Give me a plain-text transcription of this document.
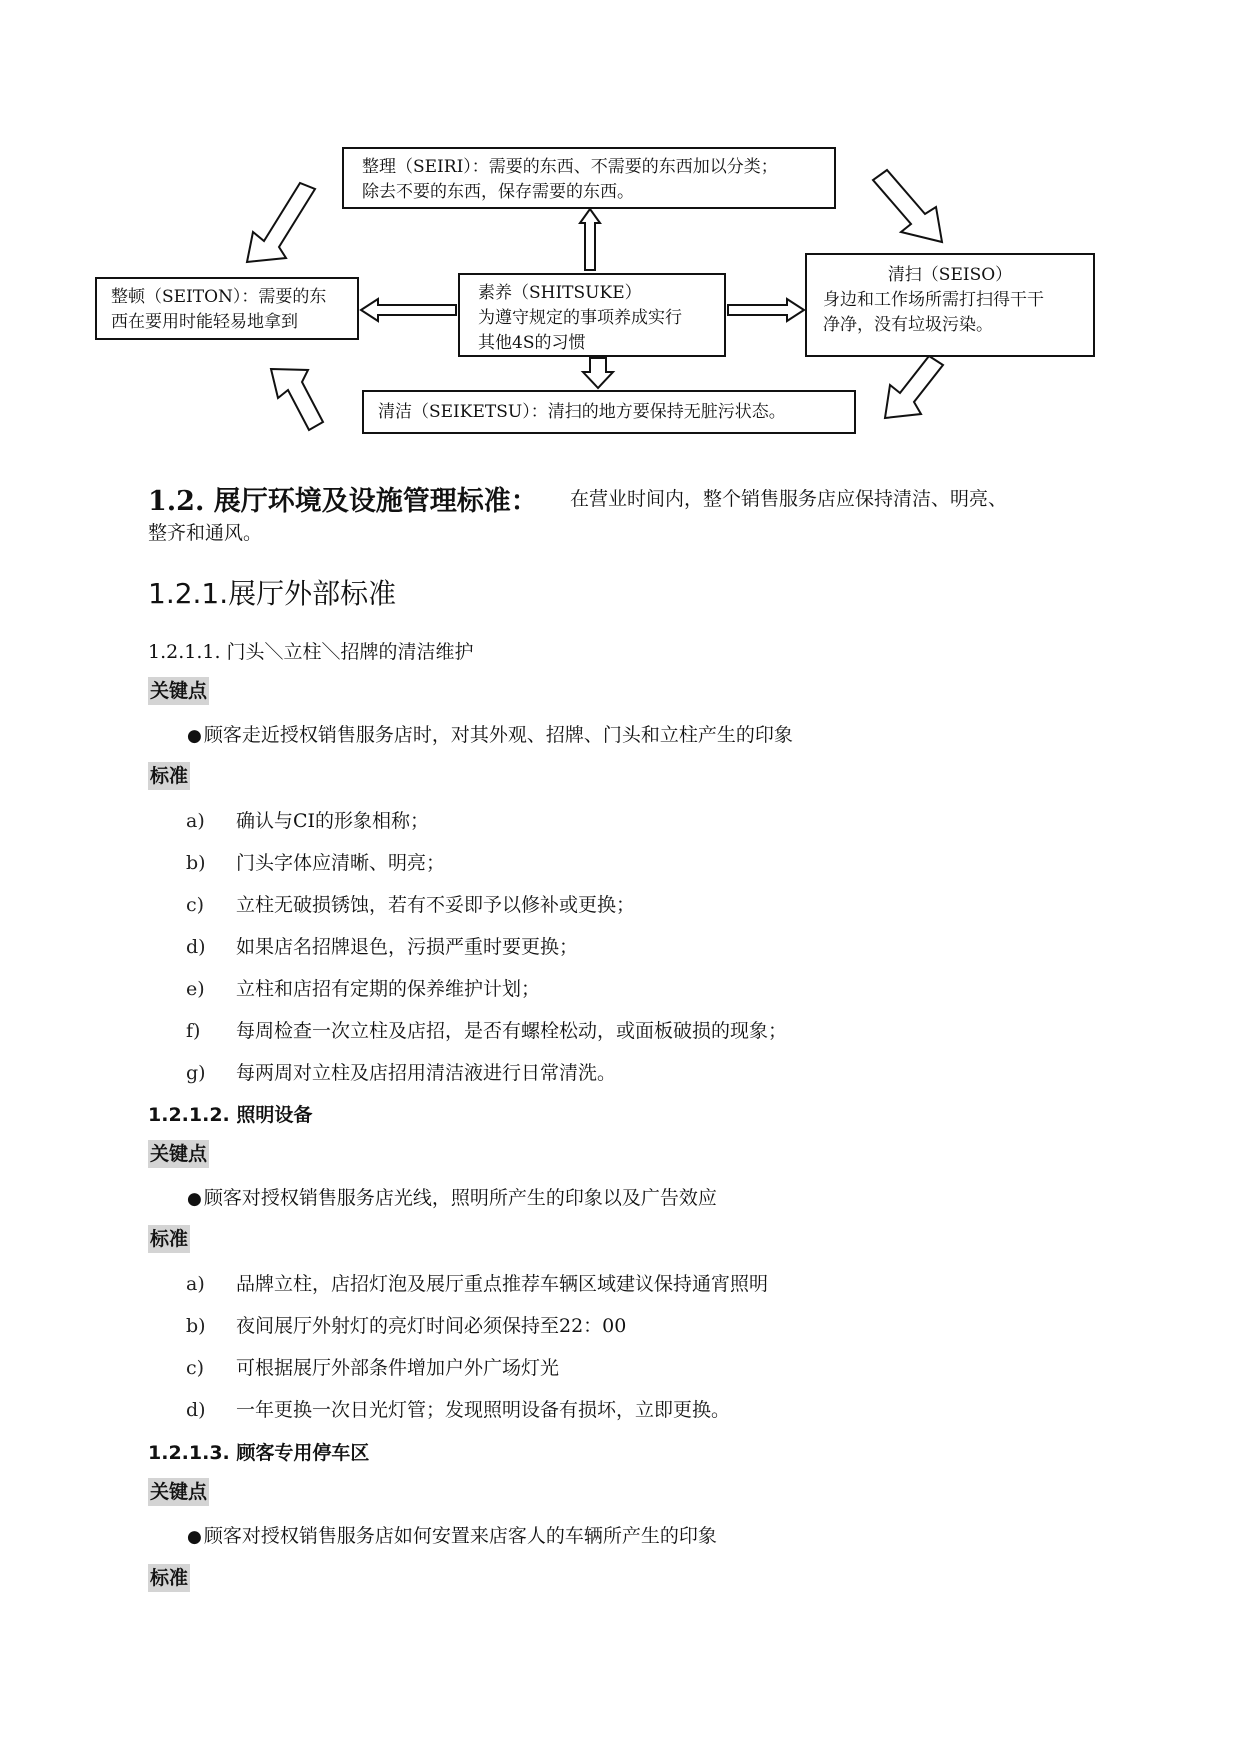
整理（SEIRI）：需要的东西、不需要的东西加以分类；
除去不要的东西，保存需要的东西。
整顿（SEITON）：需要的东
西在要用时能轻易地拿到
素养（SHITSUKE）
为遵守规定的事项养成实行
其他4S的习惯
清扫（SEISO）
身边和工作场所需打扫得干干
净净，没有垃圾污染。
清洁（SEIKETSU）：清扫的地方要保持无脏污状态。
1.2. 展厅环境及设施管理标准： 在营业时间内，整个销售服务店应保持清洁、明亮、
整齐和通风。
1.2.1.展厅外部标准
1.2.1.1. 门头＼立柱＼招牌的清洁维护
关键点
● 顾客走近授权销售服务店时，对其外观、招牌、门头和立柱产生的印象
标准
a) 确认与CI的形象相称；
b) 门头字体应清晰、明亮；
c) 立柱无破损锈蚀，若有不妥即予以修补或更换；
d) 如果店名招牌退色，污损严重时要更换；
e) 立柱和店招有定期的保养维护计划；
f) 每周检查一次立柱及店招，是否有螺栓松动，或面板破损的现象；
g) 每两周对立柱及店招用清洁液进行日常清洗。
1.2.1.2. 照明设备
关键点
● 顾客对授权销售服务店光线，照明所产生的印象以及广告效应
标准
a) 品牌立柱，店招灯泡及展厅重点推荐车辆区域建议保持通宵照明
b) 夜间展厅外射灯的亮灯时间必须保持至22：00
c) 可根据展厅外部条件增加户外广场灯光
d) 一年更换一次日光灯管；发现照明设备有损坏，立即更换。
1.2.1.3. 顾客专用停车区
关键点
● 顾客对授权销售服务店如何安置来店客人的车辆所产生的印象
标准
